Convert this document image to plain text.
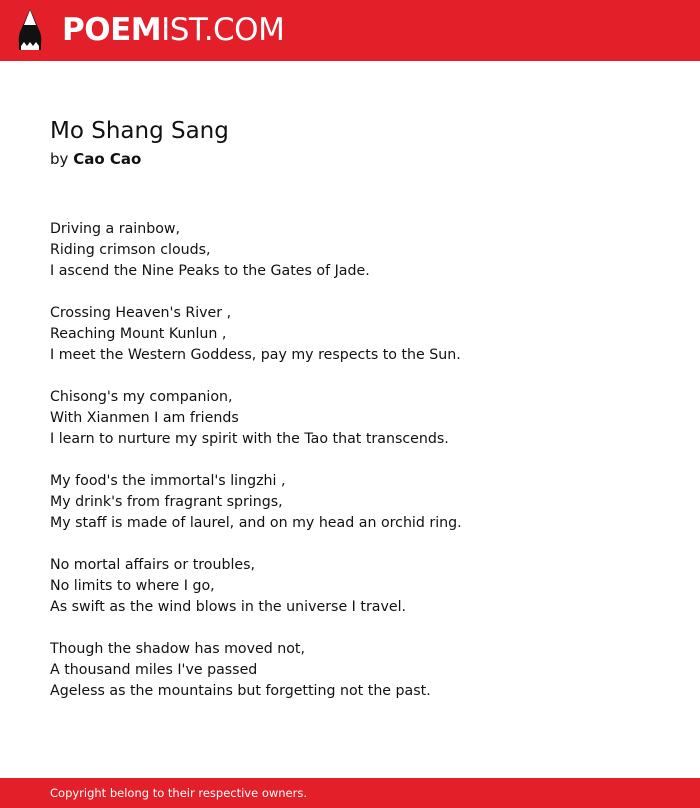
POEMIST.COM
Mo Shang Sang
by Cao Cao
Driving a rainbow,
Riding crimson clouds,
I ascend the Nine Peaks to the Gates of Jade.
Crossing Heaven's River ,
Reaching Mount Kunlun ,
I meet the Western Goddess, pay my respects to the Sun.
Chisong's my companion,
With Xianmen I am friends
I learn to nurture my spirit with the Tao that transcends.
My food's the immortal's lingzhi ,
My drink's from fragrant springs,
My staff is made of laurel, and on my head an orchid ring.
No mortal affairs or troubles,
No limits to where I go,
As swift as the wind blows in the universe I travel.
Though the shadow has moved not,
A thousand miles I've passed
Ageless as the mountains but forgetting not the past.
Copyright belong to their respective owners.
